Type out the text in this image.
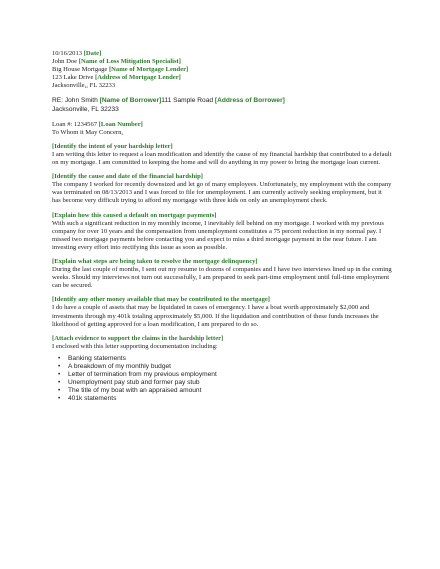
10/16/2013 [Date]
John Doe [Name of Loss Mitigation Specialist]
Big House Mortgage [Name of Mortgage Lender]
123 Lake Drive [Address of Mortgage Lender]
Jacksonville,, FL 32233
RE: John Smith [Name of Borrower]111 Sample Road [Address of Borrower]
Jacksonville, FL 32233
Loan #: 1234567 [Loan Number]
To Whom it May Concern,
[Identify the intent of your hardship letter]
I am writing this letter to request a loan modification and identify the cause of my financial hardship that contributed to a default on my mortgage. I am committed to keeping the home and will do anything in my power to bring the mortgage loan current.
[Identify the cause and date of the financial hardship]
The company I worked for recently downsized and let go of many employees. Unfortunately, my employment with the company was terminated on 08/13/2013 and I was forced to file for unemployment. I am currently actively seeking employment, but it has become very difficult trying to afford my mortgage with three kids on only an unemployment check.
[Explain how this caused a default on mortgage payments]
With such a significant reduction in my monthly income, I inevitably fell behind on my mortgage. I worked with my previous company for over 10 years and the compensation from unemployment constitutes a 75 percent reduction in my normal pay. I missed two mortgage payments before contacting you and expect to miss a third mortgage payment in the near future. I am investing every effort into rectifying this issue as soon as possible.
[Explain what steps are being taken to resolve the mortgage delinquency]
During the last couple of months, I sent out my resume to dozens of companies and I have two interviews lined up in the coming weeks. Should my interviews not turn out successfully, I am prepared to seek part-time employment until full-time employment can be secured.
[Identify any other money available that may be contributed to the mortgage]
I do have a couple of assets that may be liquidated in cases of emergency. I have a boat worth approximately $2,000 and investments through my 401k totaling approximately $5,000. If the liquidation and contribution of these funds increases the likelihood of getting approved for a loan modification, I am prepared to do so.
[Attach evidence to support the claims in the hardship letter]
I enclosed with this letter supporting documentation including:
• Banking statements
• A breakdown of my monthly budget
• Letter of termination from my previous employment
• Unemployment pay stub and former pay stub
• The title of my boat with an appraised amount
• 401k statements
